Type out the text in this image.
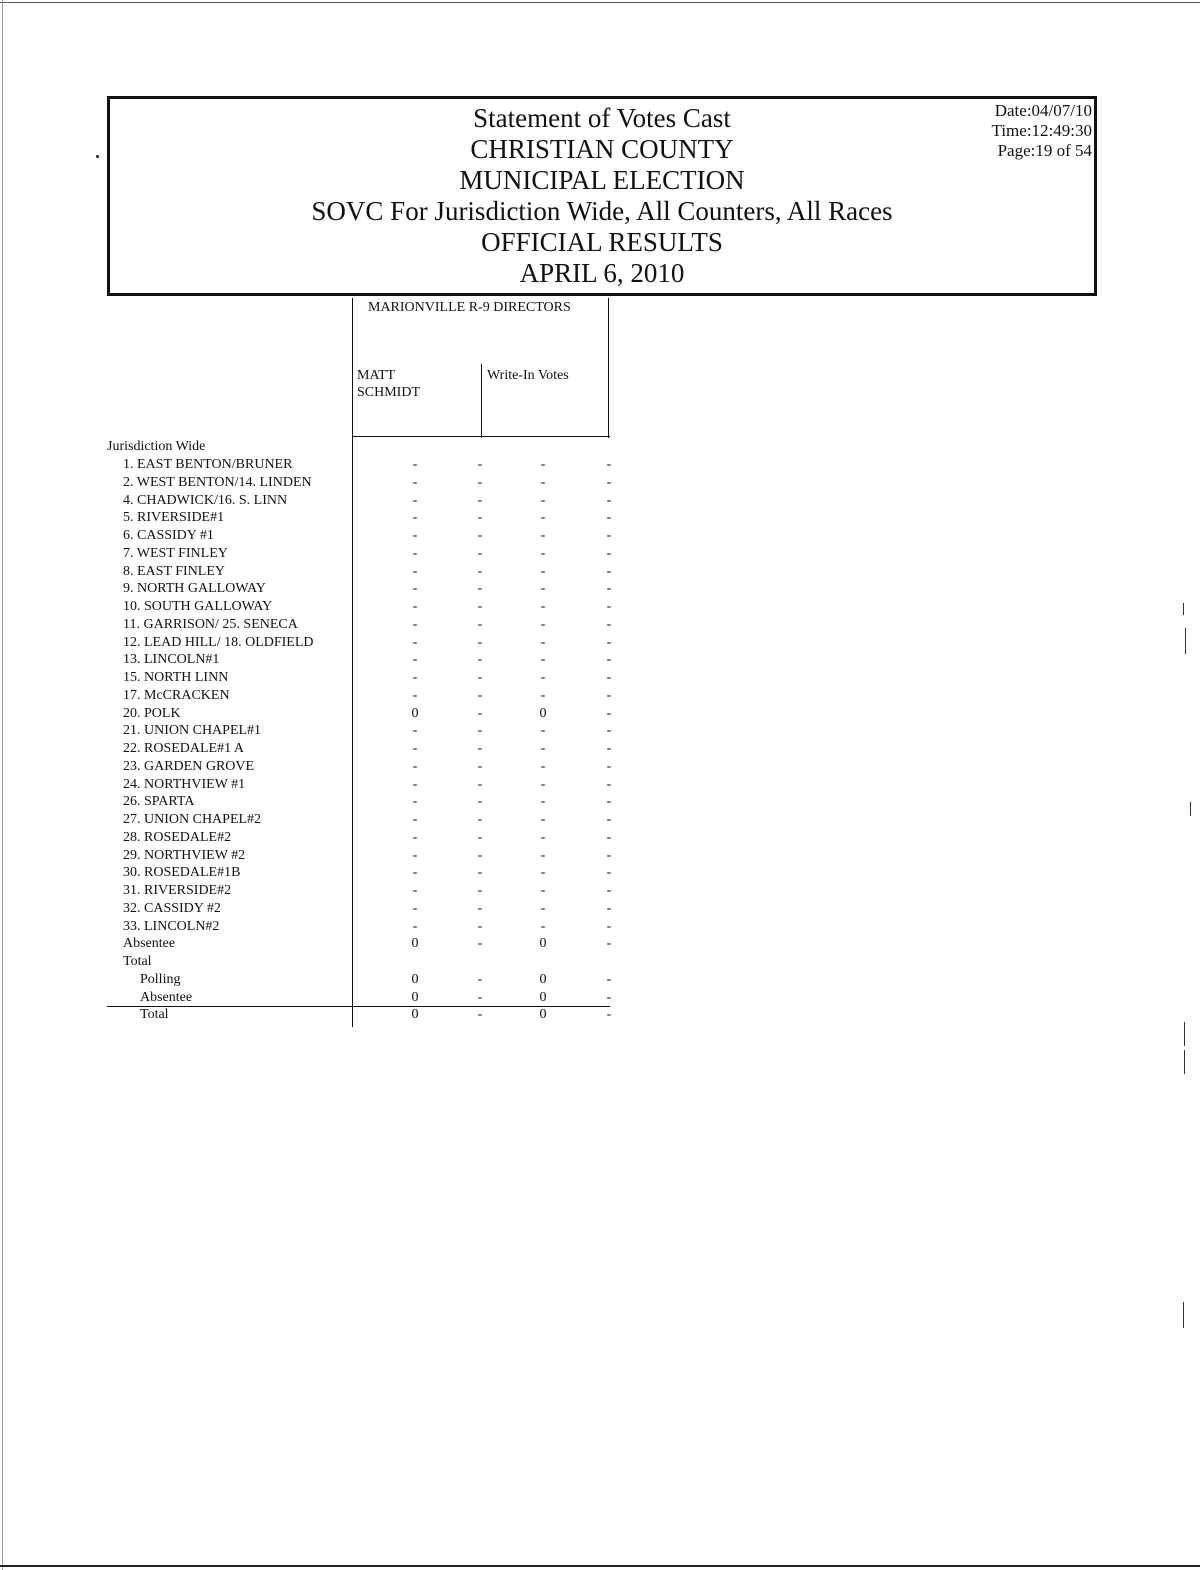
Statement of Votes Cast
CHRISTIAN COUNTY
MUNICIPAL ELECTION
SOVC For Jurisdiction Wide, All Counters, All Races
OFFICIAL RESULTS
APRIL 6, 2010
Date:04/07/10
Time:12:49:30
Page:19 of 54
MARIONVILLE R-9 DIRECTORS
MATT
SCHMIDT
Write-In Votes
Jurisdiction Wide
1. EAST BENTON/BRUNER	-	-	-	-
2. WEST BENTON/14. LINDEN	-	-	-	-
4. CHADWICK/16. S. LINN	-	-	-	-
5. RIVERSIDE#1	-	-	-	-
6. CASSIDY #1	-	-	-	-
7. WEST FINLEY	-	-	-	-
8. EAST FINLEY	-	-	-	-
9. NORTH GALLOWAY	-	-	-	-
10. SOUTH GALLOWAY	-	-	-	-
11. GARRISON/ 25. SENECA	-	-	-	-
12. LEAD HILL/ 18. OLDFIELD	-	-	-	-
13. LINCOLN#1	-	-	-	-
15. NORTH LINN	-	-	-	-
17. McCRACKEN	-	-	-	-
20. POLK	0	-	0	-
21. UNION CHAPEL#1	-	-	-	-
22. ROSEDALE#1 A	-	-	-	-
23. GARDEN GROVE	-	-	-	-
24. NORTHVIEW #1	-	-	-	-
26. SPARTA	-	-	-	-
27. UNION CHAPEL#2	-	-	-	-
28. ROSEDALE#2	-	-	-	-
29. NORTHVIEW #2	-	-	-	-
30. ROSEDALE#1B	-	-	-	-
31. RIVERSIDE#2	-	-	-	-
32. CASSIDY #2	-	-	-	-
33. LINCOLN#2	-	-	-	-
Absentee	0	-	0	-
Total
Polling	0	-	0	-
Absentee	0	-	0	-
Total	0	-	0	-
